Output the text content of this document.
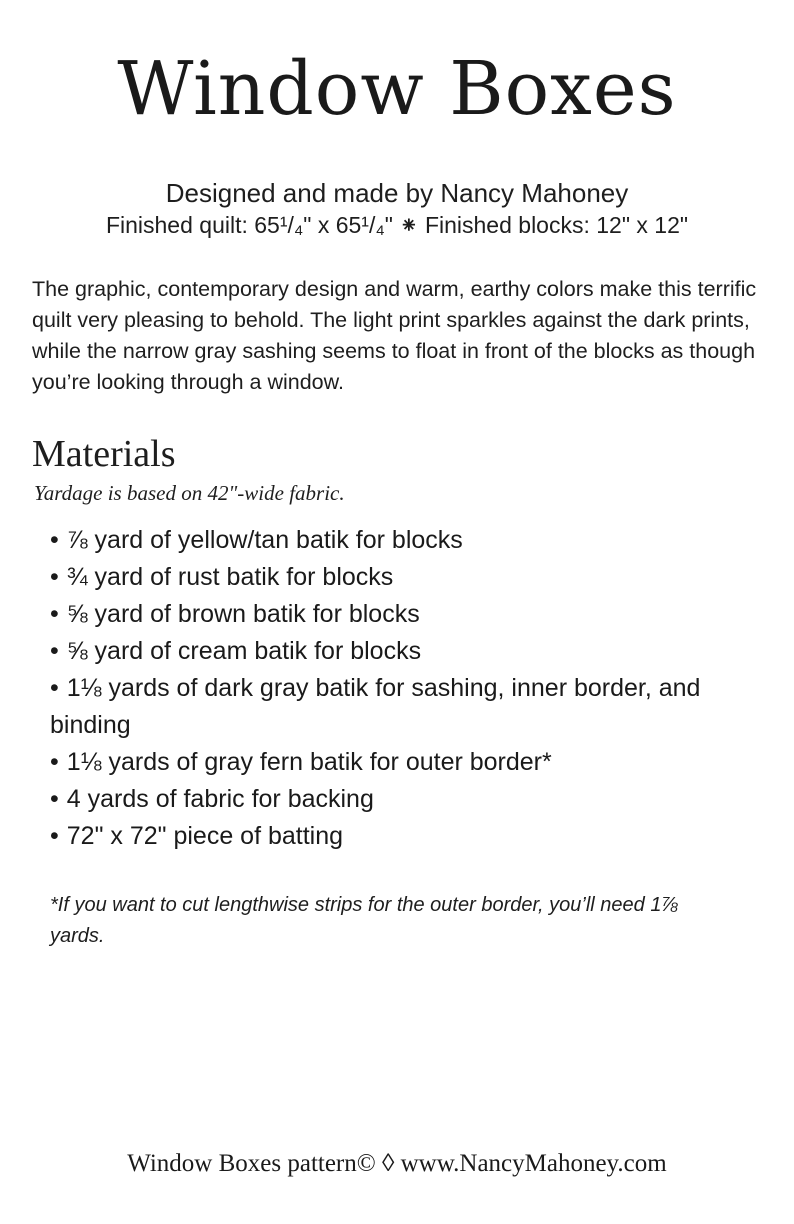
Window Boxes
Designed and made by Nancy Mahoney
Finished quilt: 65¹/₄" x 65¹/₄" ⁕ Finished blocks: 12" x 12"

The graphic, contemporary design and warm, earthy colors make this terrific quilt very pleasing to behold. The light print sparkles against the dark prints, while the narrow gray sashing seems to float in front of the blocks as though you’re looking through a window.

Materials
Yardage is based on 42"-wide fabric.
• ⅞ yard of yellow/tan batik for blocks
• ¾ yard of rust batik for blocks
• ⅝ yard of brown batik for blocks
• ⅝ yard of cream batik for blocks
• 1⅛ yards of dark gray batik for sashing, inner border, and binding
• 1⅛ yards of gray fern batik for outer border*
• 4 yards of fabric for backing
• 72" x 72" piece of batting

*If you want to cut lengthwise strips for the outer border, you’ll need 1⅞ yards.

Window Boxes pattern© ◊ www.NancyMahoney.com
